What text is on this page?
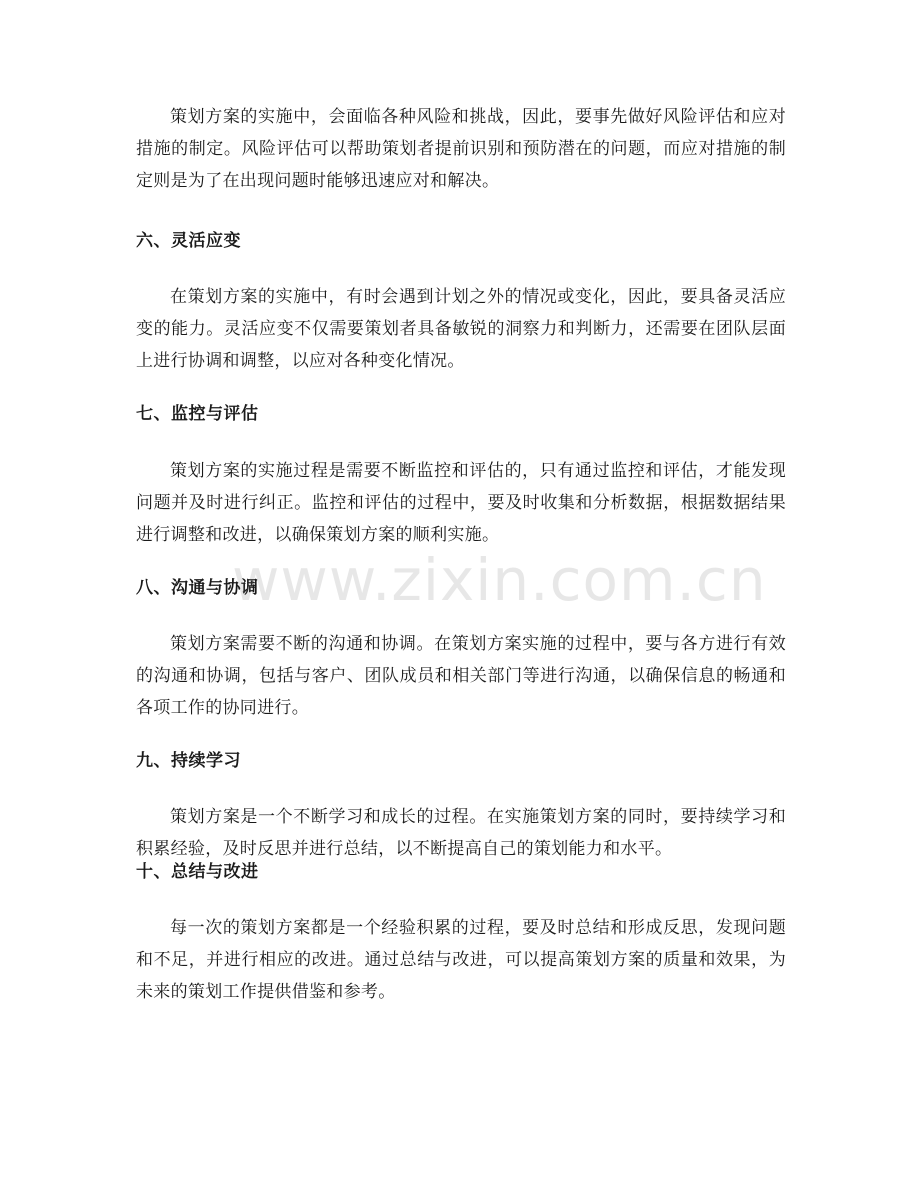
策划方案的实施中，会面临各种风险和挑战，因此，要事先做好风险评估和应对措施的制定。风险评估可以帮助策划者提前识别和预防潜在的问题，而应对措施的制定则是为了在出现问题时能够迅速应对和解决。

六、灵活应变

在策划方案的实施中，有时会遇到计划之外的情况或变化，因此，要具备灵活应变的能力。灵活应变不仅需要策划者具备敏锐的洞察力和判断力，还需要在团队层面上进行协调和调整，以应对各种变化情况。

七、监控与评估

策划方案的实施过程是需要不断监控和评估的，只有通过监控和评估，才能发现问题并及时进行纠正。监控和评估的过程中，要及时收集和分析数据，根据数据结果进行调整和改进，以确保策划方案的顺利实施。

八、沟通与协调

策划方案需要不断的沟通和协调。在策划方案实施的过程中，要与各方进行有效的沟通和协调，包括与客户、团队成员和相关部门等进行沟通，以确保信息的畅通和各项工作的协同进行。

九、持续学习

策划方案是一个不断学习和成长的过程。在实施策划方案的同时，要持续学习和积累经验，及时反思并进行总结，以不断提高自己的策划能力和水平。

十、总结与改进

每一次的策划方案都是一个经验积累的过程，要及时总结和形成反思，发现问题和不足，并进行相应的改进。通过总结与改进，可以提高策划方案的质量和效果，为未来的策划工作提供借鉴和参考。

www.zixin.com.cn
